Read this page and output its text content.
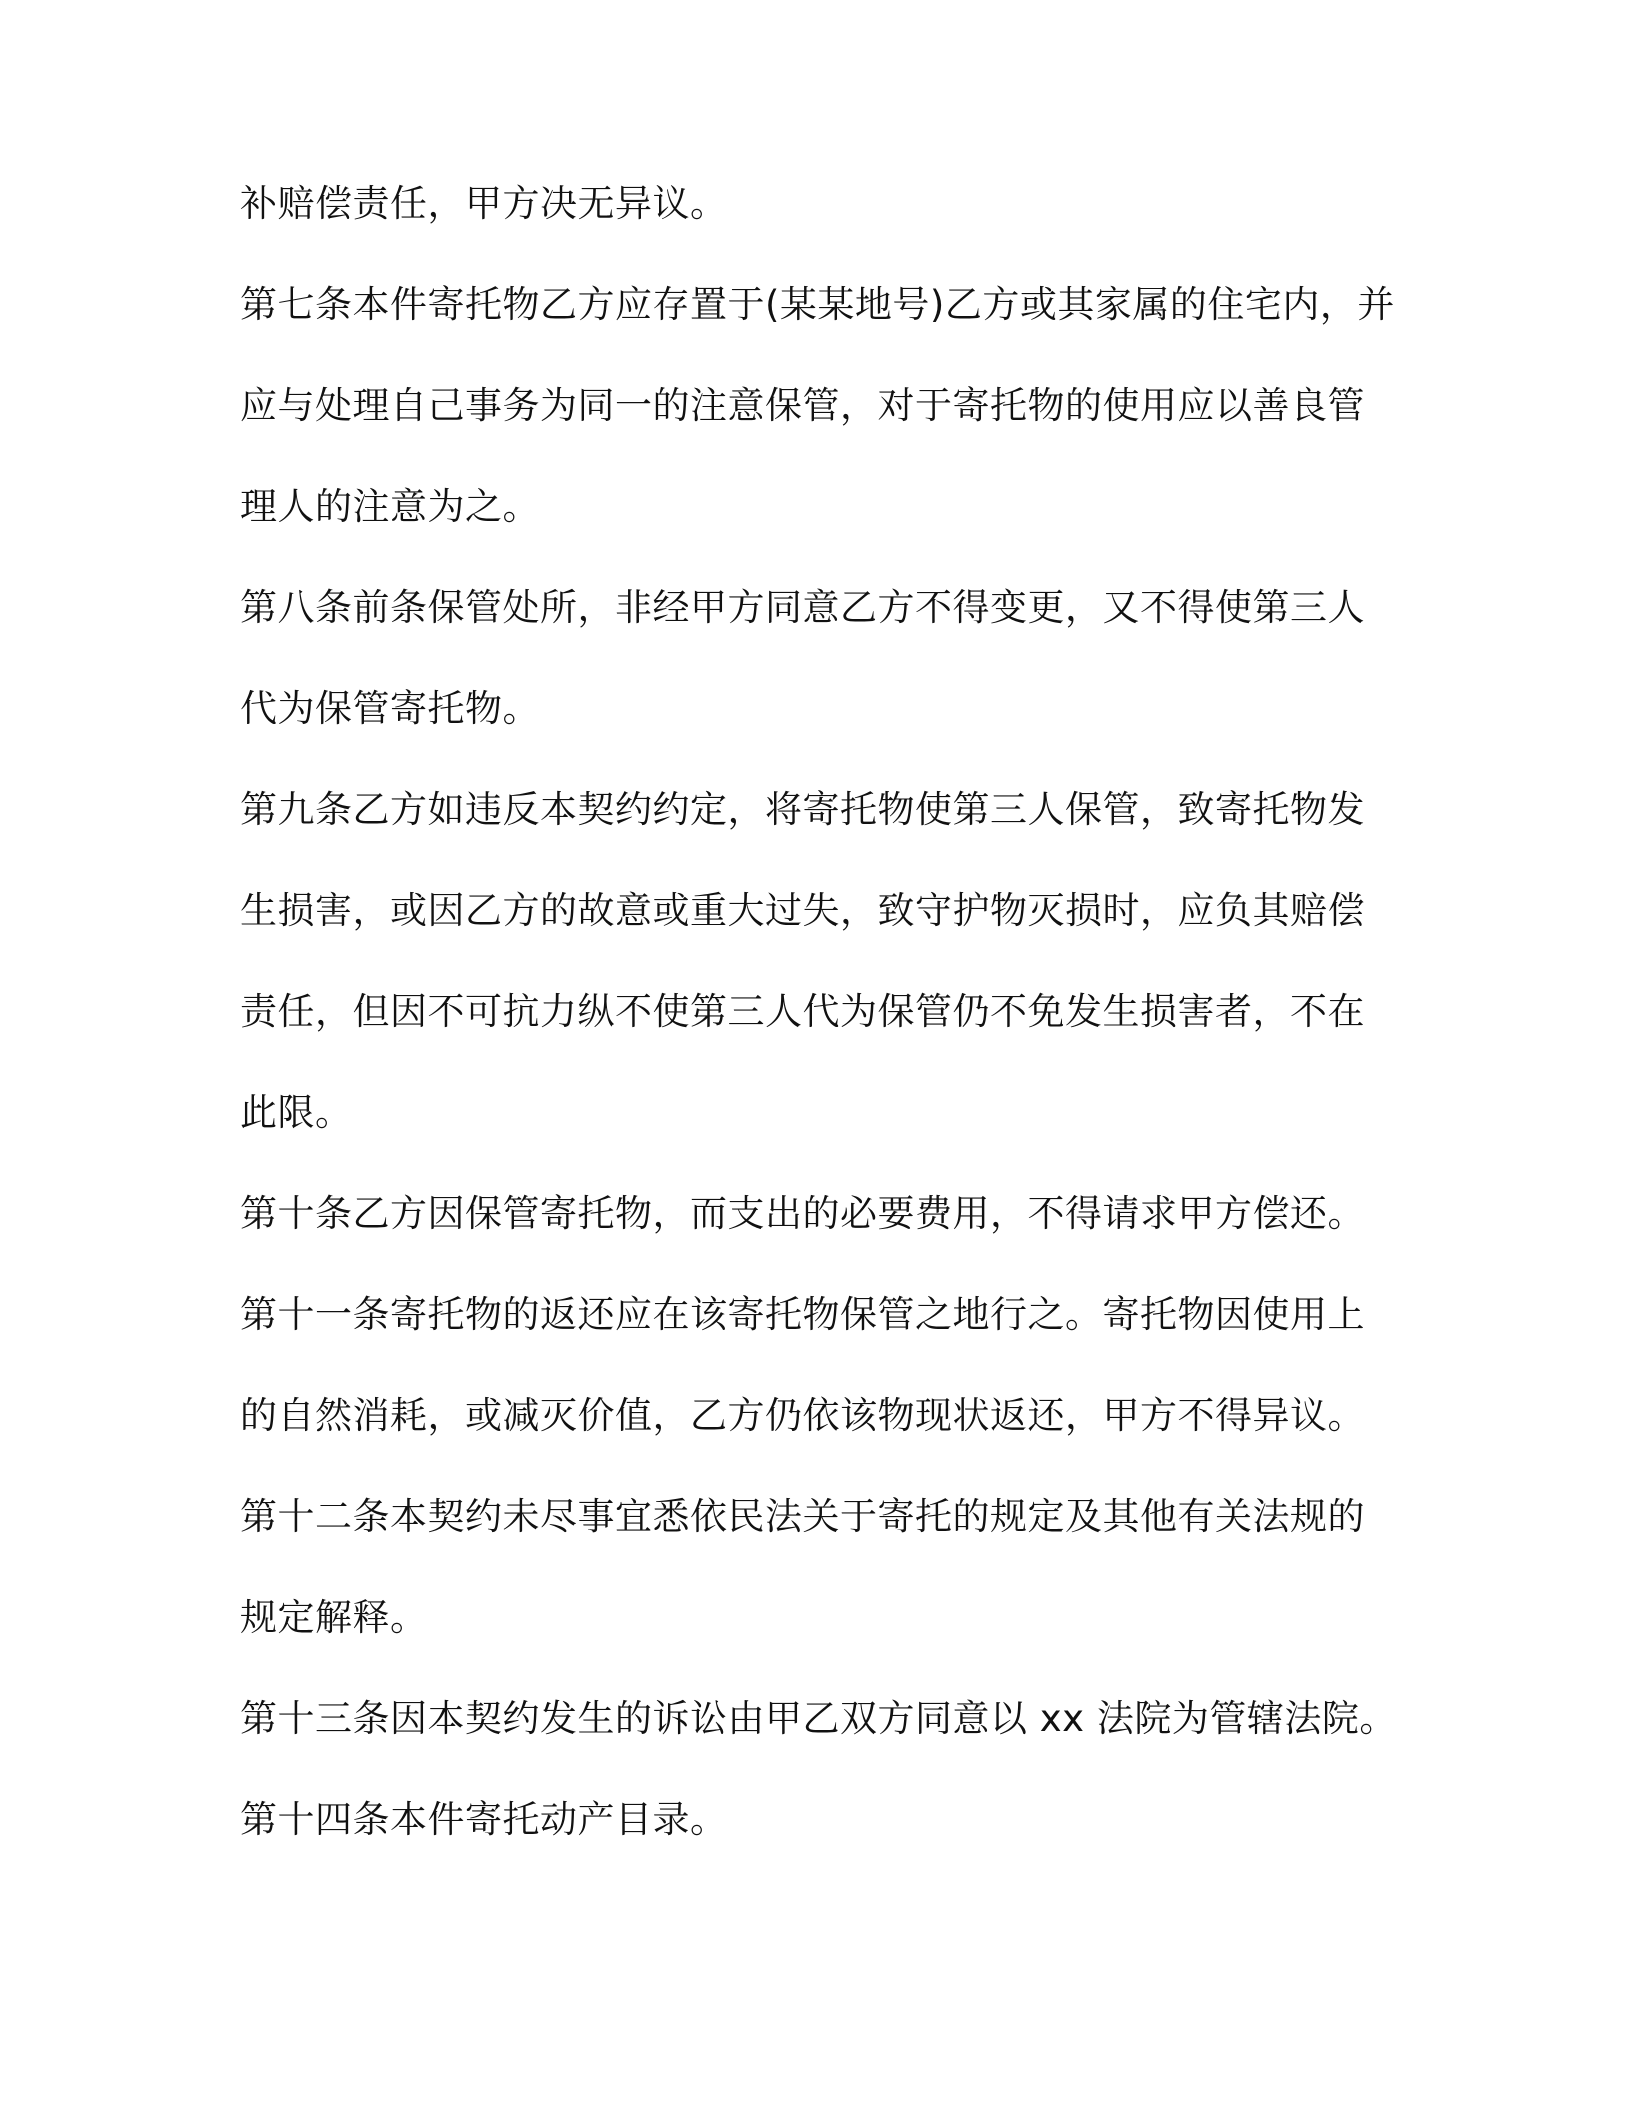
补赔偿责任，甲方决无异议。
第七条本件寄托物乙方应存置于(某某地号)乙方或其家属的住宅内，并
应与处理自己事务为同一的注意保管，对于寄托物的使用应以善良管
理人的注意为之。
第八条前条保管处所，非经甲方同意乙方不得变更，又不得使第三人
代为保管寄托物。
第九条乙方如违反本契约约定，将寄托物使第三人保管，致寄托物发
生损害，或因乙方的故意或重大过失，致守护物灭损时，应负其赔偿
责任，但因不可抗力纵不使第三人代为保管仍不免发生损害者，不在
此限。
第十条乙方因保管寄托物，而支出的必要费用，不得请求甲方偿还。
第十一条寄托物的返还应在该寄托物保管之地行之。寄托物因使用上
的自然消耗，或减灭价值，乙方仍依该物现状返还，甲方不得异议。
第十二条本契约未尽事宜悉依民法关于寄托的规定及其他有关法规的
规定解释。
第十三条因本契约发生的诉讼由甲乙双方同意以 xx 法院为管辖法院。
第十四条本件寄托动产目录。
